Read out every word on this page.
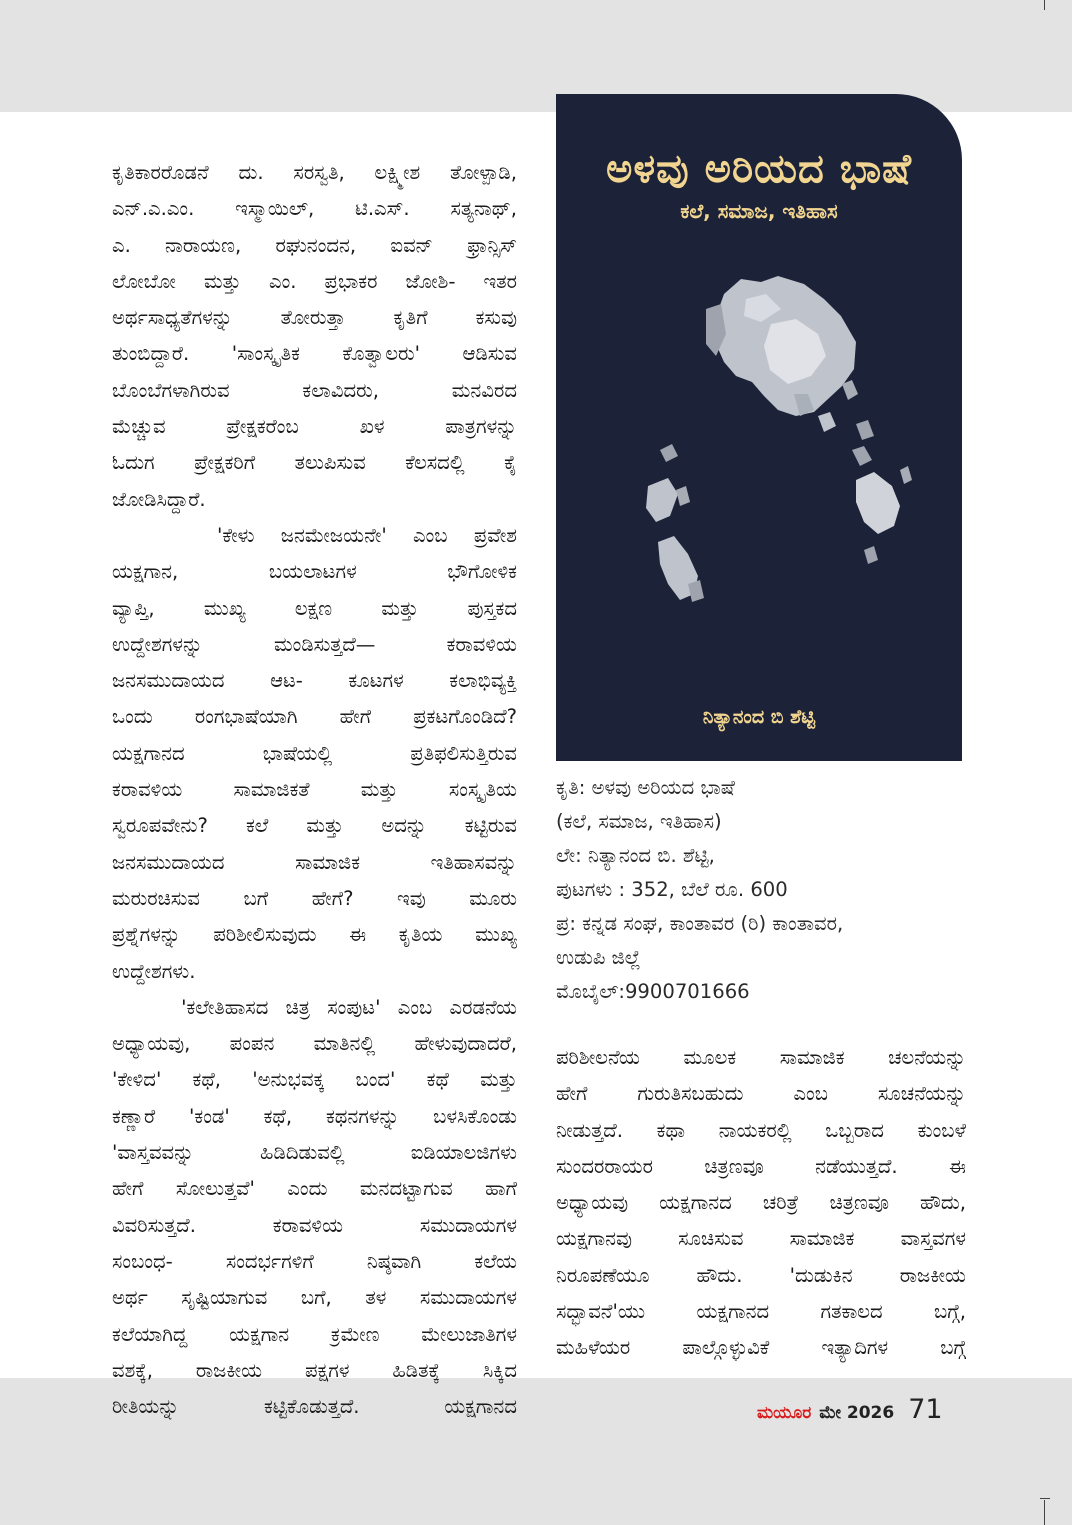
ಕೃತಿಕಾರರೊಡನೆ ದು. ಸರಸ್ವತಿ, ಲಕ್ಷ್ಮೀಶ ತೋಳ್ಪಾಡಿ,
ಎನ್.ಎ.ಎಂ. ಇಸ್ಮಾಯಿಲ್, ಟಿ.ಎಸ್. ಸತ್ಯನಾಥ್,
ಎ. ನಾರಾಯಣ, ರಘುನಂದನ, ಐವನ್ ಫ್ರಾನ್ಸಿಸ್
ಲೋಬೋ ಮತ್ತು ಎಂ. ಪ್ರಭಾಕರ ಜೋಶಿ- ಇತರ
ಅರ್ಥಸಾಧ್ಯತೆಗಳನ್ನು ತೋರುತ್ತಾ ಕೃತಿಗೆ ಕಸುವು
ತುಂಬಿದ್ದಾರೆ. 'ಸಾಂಸ್ಕೃತಿಕ ಕೊತ್ವಾಲರು' ಆಡಿಸುವ
ಬೊಂಬೆಗಳಾಗಿರುವ ಕಲಾವಿದರು, ಮನವಿರದ
ಮೆಚ್ಚುವ ಪ್ರೇಕ್ಷಕರೆಂಬ ಖಳ ಪಾತ್ರಗಳನ್ನು
ಓದುಗ ಪ್ರೇಕ್ಷಕರಿಗೆ ತಲುಪಿಸುವ ಕೆಲಸದಲ್ಲಿ ಕೈ
ಜೋಡಿಸಿದ್ದಾರೆ.

'ಕೇಳು ಜನಮೇಜಯನೇ' ಎಂಬ ಪ್ರವೇಶ
ಯಕ್ಷಗಾನ, ಬಯಲಾಟಗಳ ಭೌಗೋಳಿಕ
ವ್ಯಾಪ್ತಿ, ಮುಖ್ಯ ಲಕ್ಷಣ ಮತ್ತು ಪುಸ್ತಕದ
ಉದ್ದೇಶಗಳನ್ನು ಮಂಡಿಸುತ್ತದೆ— ಕರಾವಳಿಯ
ಜನಸಮುದಾಯದ ಆಟ- ಕೂಟಗಳ ಕಲಾಭಿವ್ಯಕ್ತಿ
ಒಂದು ರಂಗಭಾಷೆಯಾಗಿ ಹೇಗೆ ಪ್ರಕಟಗೊಂಡಿದೆ?
ಯಕ್ಷಗಾನದ ಭಾಷೆಯಲ್ಲಿ ಪ್ರತಿಫಲಿಸುತ್ತಿರುವ
ಕರಾವಳಿಯ ಸಾಮಾಜಿಕತೆ ಮತ್ತು ಸಂಸ್ಕೃತಿಯ
ಸ್ವರೂಪವೇನು? ಕಲೆ ಮತ್ತು ಅದನ್ನು ಕಟ್ಟಿರುವ
ಜನಸಮುದಾಯದ ಸಾಮಾಜಿಕ ಇತಿಹಾಸವನ್ನು
ಮರುರಚಿಸುವ ಬಗೆ ಹೇಗೆ? ಇವು ಮೂರು
ಪ್ರಶ್ನೆಗಳನ್ನು ಪರಿಶೀಲಿಸುವುದು ಈ ಕೃತಿಯ ಮುಖ್ಯ
ಉದ್ದೇಶಗಳು.

'ಕಲೇತಿಹಾಸದ ಚಿತ್ರ ಸಂಪುಟ' ಎಂಬ ಎರಡನೆಯ
ಅಧ್ಯಾಯವು, ಪಂಪನ ಮಾತಿನಲ್ಲಿ ಹೇಳುವುದಾದರೆ,
'ಕೇಳಿದ' ಕಥೆ, 'ಅನುಭವಕ್ಕ ಬಂದ' ಕಥೆ ಮತ್ತು
ಕಣ್ಣಾರೆ 'ಕಂಡ' ಕಥೆ, ಕಥನಗಳನ್ನು ಬಳಸಿಕೊಂಡು
'ವಾಸ್ತವವನ್ನು ಹಿಡಿದಿಡುವಲ್ಲಿ ಐಡಿಯಾಲಜಿಗಳು
ಹೇಗೆ ಸೋಲುತ್ತವೆ' ಎಂದು ಮನದಟ್ಟಾಗುವ ಹಾಗೆ
ವಿವರಿಸುತ್ತದೆ. ಕರಾವಳಿಯ ಸಮುದಾಯಗಳ
ಸಂಬಂಧ- ಸಂದರ್ಭಗಳಿಗೆ ನಿಷ್ಠವಾಗಿ ಕಲೆಯ
ಅರ್ಥ ಸೃಷ್ಟಿಯಾಗುವ ಬಗೆ, ತಳ ಸಮುದಾಯಗಳ
ಕಲೆಯಾಗಿದ್ದ ಯಕ್ಷಗಾನ ಕ್ರಮೇಣ ಮೇಲುಜಾತಿಗಳ
ವಶಕ್ಕೆ, ರಾಜಕೀಯ ಪಕ್ಷಗಳ ಹಿಡಿತಕ್ಕೆ ಸಿಕ್ಕಿದ
ರೀತಿಯನ್ನು ಕಟ್ಟಿಕೊಡುತ್ತದೆ. ಯಕ್ಷಗಾನದ

ಅಳವು ಅರಿಯದ ಭಾಷೆ
ಕಲೆ, ಸಮಾಜ, ಇತಿಹಾಸ
ನಿತ್ಯಾನಂದ ಬಿ ಶೆಟ್ಟಿ
ಕೃತಿ: ಅಳವು ಅರಿಯದ ಭಾಷೆ
(ಕಲೆ, ಸಮಾಜ, ಇತಿಹಾಸ)
ಲೇ: ನಿತ್ಯಾನಂದ ಬಿ. ಶೆಟ್ಟಿ,
ಪುಟಗಳು : 352, ಬೆಲೆ ರೂ. 600
ಪ್ರ: ಕನ್ನಡ ಸಂಘ, ಕಾಂತಾವರ (ರಿ) ಕಾಂತಾವರ,
ಉಡುಪಿ ಜಿಲ್ಲೆ
ಮೊಬೈಲ್:9900701666

ಪರಿಶೀಲನೆಯ ಮೂಲಕ ಸಾಮಾಜಿಕ ಚಲನೆಯನ್ನು
ಹೇಗೆ ಗುರುತಿಸಬಹುದು ಎಂಬ ಸೂಚನೆಯನ್ನು
ನೀಡುತ್ತದೆ. ಕಥಾ ನಾಯಕರಲ್ಲಿ ಒಬ್ಬರಾದ ಕುಂಬಳೆ
ಸುಂದರರಾಯರ ಚಿತ್ರಣವೂ ನಡೆಯುತ್ತದೆ. ಈ
ಅಧ್ಯಾಯವು ಯಕ್ಷಗಾನದ ಚರಿತ್ರೆ ಚಿತ್ರಣವೂ ಹೌದು,
ಯಕ್ಷಗಾನವು ಸೂಚಿಸುವ ಸಾಮಾಜಿಕ ವಾಸ್ತವಗಳ
ನಿರೂಪಣೆಯೂ ಹೌದು. 'ದುಡುಕಿನ ರಾಜಕೀಯ
ಸದ್ಭಾವನೆ'ಯು ಯಕ್ಷಗಾನದ ಗತಕಾಲದ ಬಗ್ಗೆ,
ಮಹಿಳೆಯರ ಪಾಲ್ಗೊಳ್ಳುವಿಕೆ ಇತ್ಯಾದಿಗಳ ಬಗ್ಗೆ

ಮಯೂರ ಮೇ 2026 71
